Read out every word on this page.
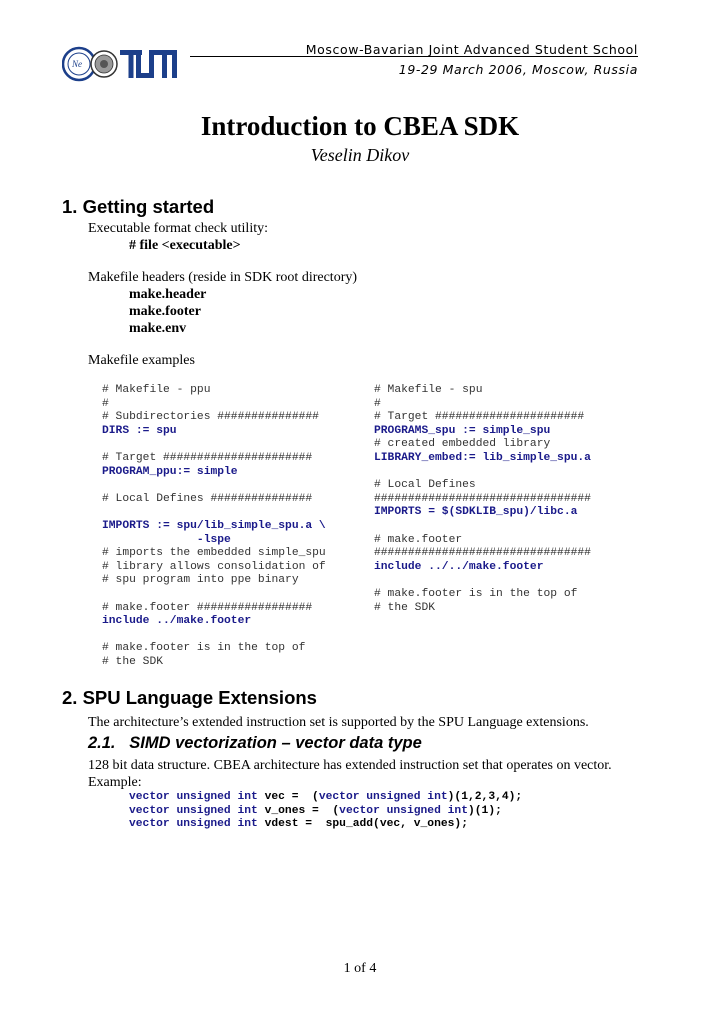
Ne
Moscow-Bavarian Joint Advanced Student School
19-29 March 2006, Moscow, Russia
Introduction to CBEA SDK
Veselin Dikov
1. Getting started
Executable format check utility:
# file <executable>
Makefile headers (reside in SDK root directory)
make.header
make.footer
make.env
Makefile examples
# Makefile - ppu
#
# Subdirectories ###############
DIRS := spu

# Target ######################
PROGRAM_ppu:= simple

# Local Defines ###############

IMPORTS := spu/lib_simple_spu.a \
-lspe
# imports the embedded simple_spu
# library allows consolidation of
# spu program into ppe binary

# make.footer #################
include ../make.footer

# make.footer is in the top of
# the SDK
# Makefile - spu
#
# Target ######################
PROGRAMS_spu := simple_spu
# created embedded library
LIBRARY_embed:= lib_simple_spu.a

# Local Defines
################################
IMPORTS = $(SDKLIB_spu)/libc.a

# make.footer
################################
include ../../make.footer

# make.footer is in the top of
# the SDK
2. SPU Language Extensions
The architecture’s extended instruction set is supported by the SPU Language extensions.
2.1.   SIMD vectorization – vector data type
128 bit data structure. CBEA architecture has extended instruction set that operates on vector.
Example:
vector unsigned int vec =  (vector unsigned int)(1,2,3,4);
vector unsigned int v_ones =  (vector unsigned int)(1);
vector unsigned int vdest =  spu_add(vec, v_ones);
1 of 4
